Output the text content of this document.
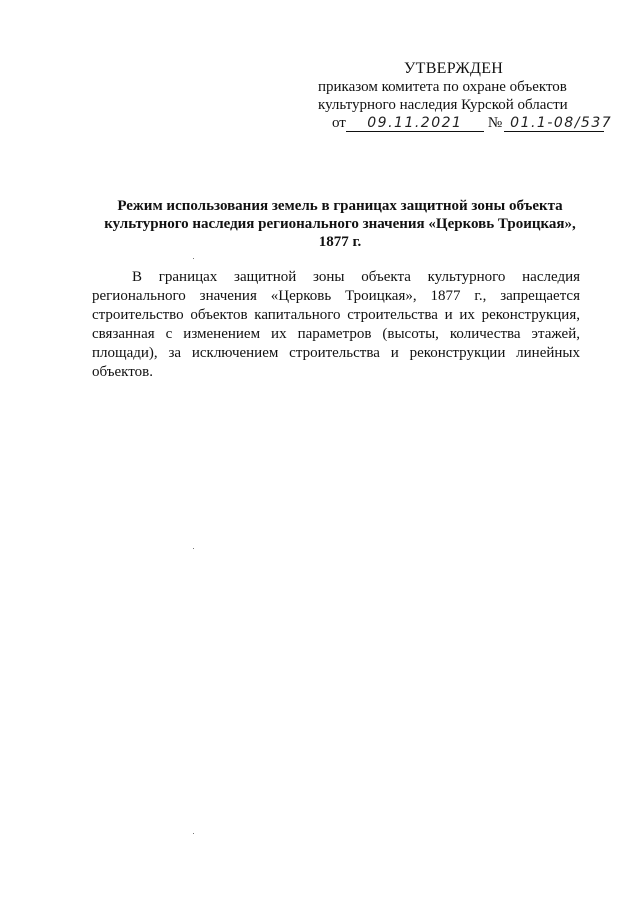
УТВЕРЖДЕН
приказом комитета по охране объектов
культурного наследия Курской области
от	09.11.2021	№ 01.1-08/537
Режим использования земель в границах защитной зоны объекта
культурного наследия регионального значения «Церковь Троицкая»,
1877 г.

В границах защитной зоны объекта культурного наследия регионального значения «Церковь Троицкая», 1877 г., запрещается строительство объектов капитального строительства и их реконструкция, связанная с изменением их параметров (высоты, количества этажей, площади), за исключением строительства и реконструкции линейных объектов.
